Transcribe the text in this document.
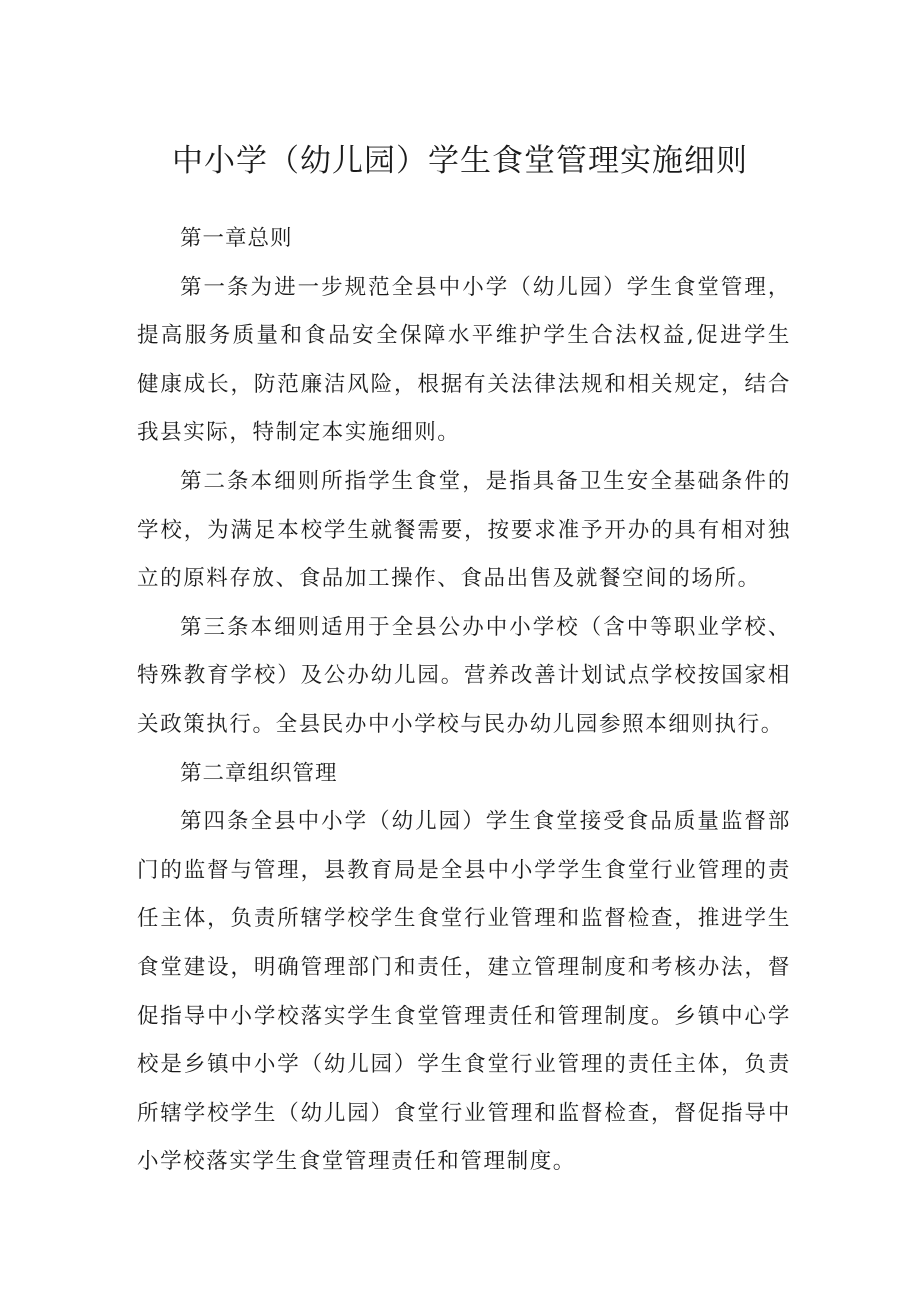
中小学（幼儿园）学生食堂管理实施细则

第一章总则

第一条为进一步规范全县中小学（幼儿园）学生食堂管理，提高服务质量和食品安全保障水平维护学生合法权益,促进学生健康成长，防范廉洁风险，根据有关法律法规和相关规定，结合我县实际，特制定本实施细则。

第二条本细则所指学生食堂，是指具备卫生安全基础条件的学校，为满足本校学生就餐需要，按要求准予开办的具有相对独立的原料存放、食品加工操作、食品出售及就餐空间的场所。

第三条本细则适用于全县公办中小学校（含中等职业学校、特殊教育学校）及公办幼儿园。营养改善计划试点学校按国家相关政策执行。全县民办中小学校与民办幼儿园参照本细则执行。

第二章组织管理

第四条全县中小学（幼儿园）学生食堂接受食品质量监督部门的监督与管理，县教育局是全县中小学学生食堂行业管理的责任主体，负责所辖学校学生食堂行业管理和监督检查，推进学生食堂建设，明确管理部门和责任，建立管理制度和考核办法，督促指导中小学校落实学生食堂管理责任和管理制度。乡镇中心学校是乡镇中小学（幼儿园）学生食堂行业管理的责任主体，负责所辖学校学生（幼儿园）食堂行业管理和监督检查，督促指导中小学校落实学生食堂管理责任和管理制度。
